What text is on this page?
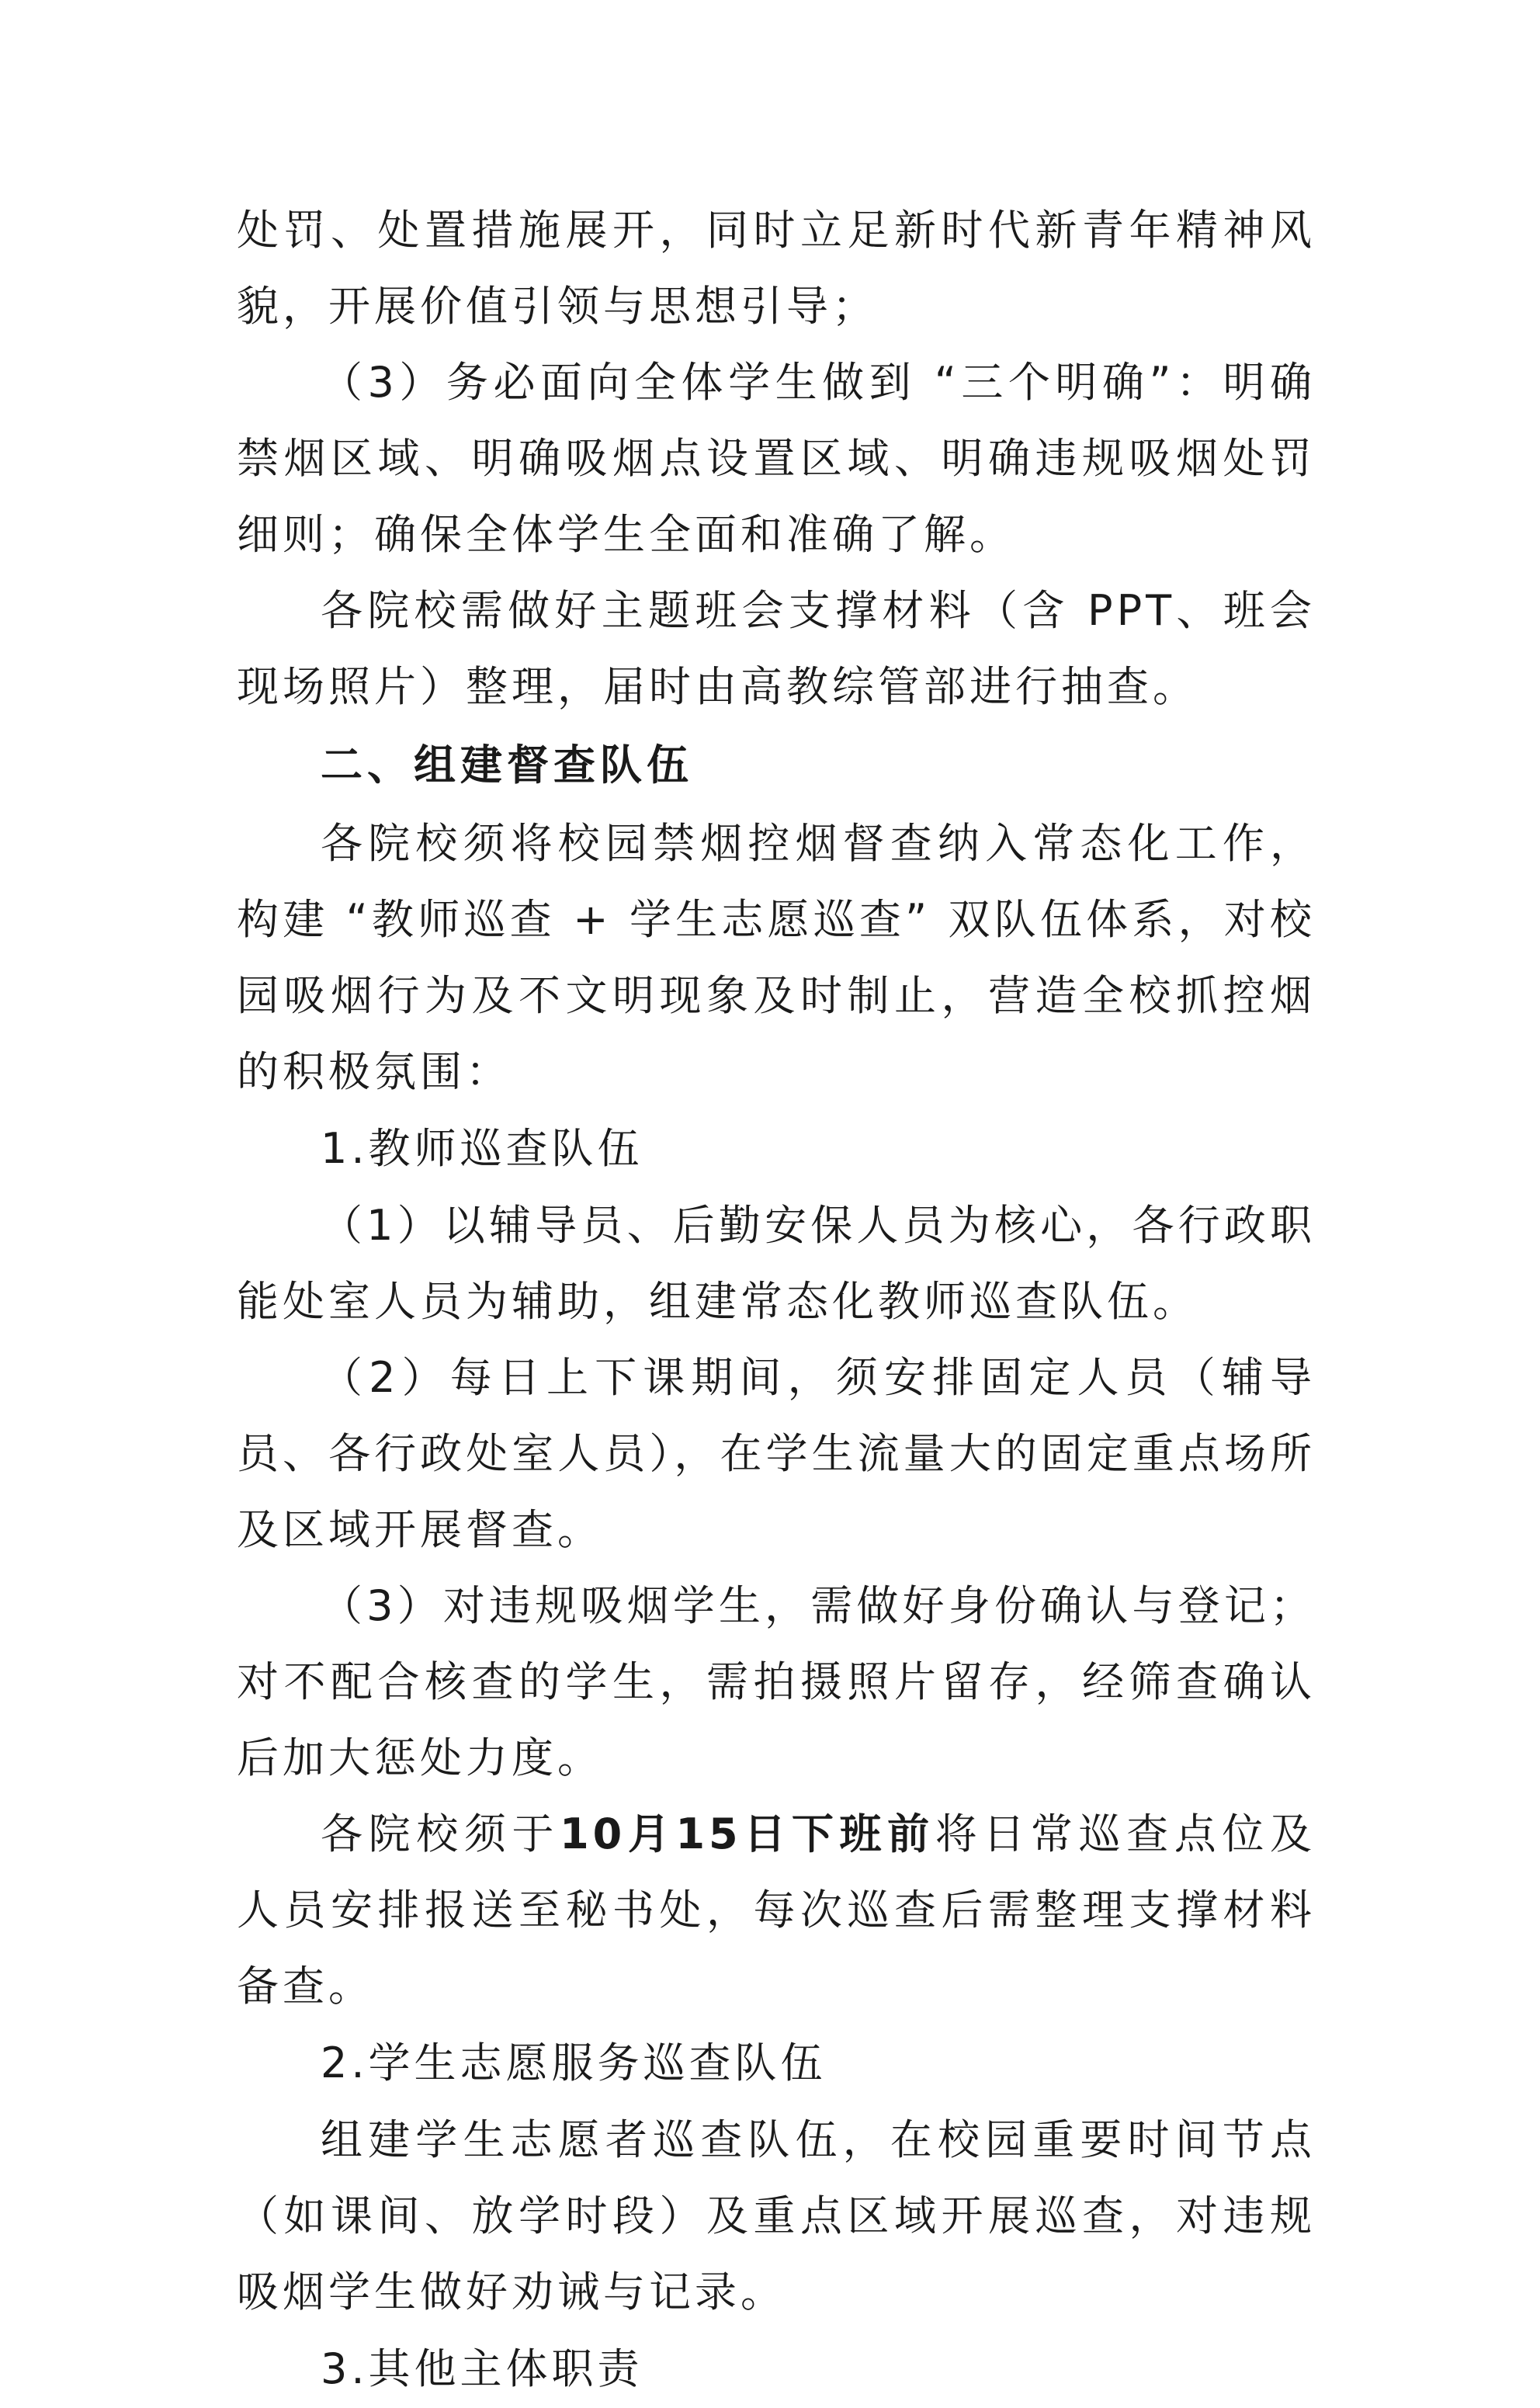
处罚、处置措施展开，同时立足新时代新青年精神风貌，开展价值引领与思想引导；

（3）务必面向全体学生做到 “三个明确”：明确禁烟区域、明确吸烟点设置区域、明确违规吸烟处罚细则；确保全体学生全面和准确了解。

各院校需做好主题班会支撑材料（含 PPT、班会现场照片）整理，届时由高教综管部进行抽查。

二、组建督查队伍

各院校须将校园禁烟控烟督查纳入常态化工作，构建 “教师巡查 + 学生志愿巡查” 双队伍体系，对校园吸烟行为及不文明现象及时制止，营造全校抓控烟的积极氛围：

1.教师巡查队伍

（1）以辅导员、后勤安保人员为核心，各行政职能处室人员为辅助，组建常态化教师巡查队伍。

（2）每日上下课期间，须安排固定人员（辅导员、各行政处室人员），在学生流量大的固定重点场所及区域开展督查。

（3）对违规吸烟学生，需做好身份确认与登记；对不配合核查的学生，需拍摄照片留存，经筛查确认后加大惩处力度。

各院校须于10月15日下班前将日常巡查点位及人员安排报送至秘书处，每次巡查后需整理支撑材料备查。

2.学生志愿服务巡查队伍

组建学生志愿者巡查队伍，在校园重要时间节点（如课间、放学时段）及重点区域开展巡查，对违规吸烟学生做好劝诫与记录。

3.其他主体职责
